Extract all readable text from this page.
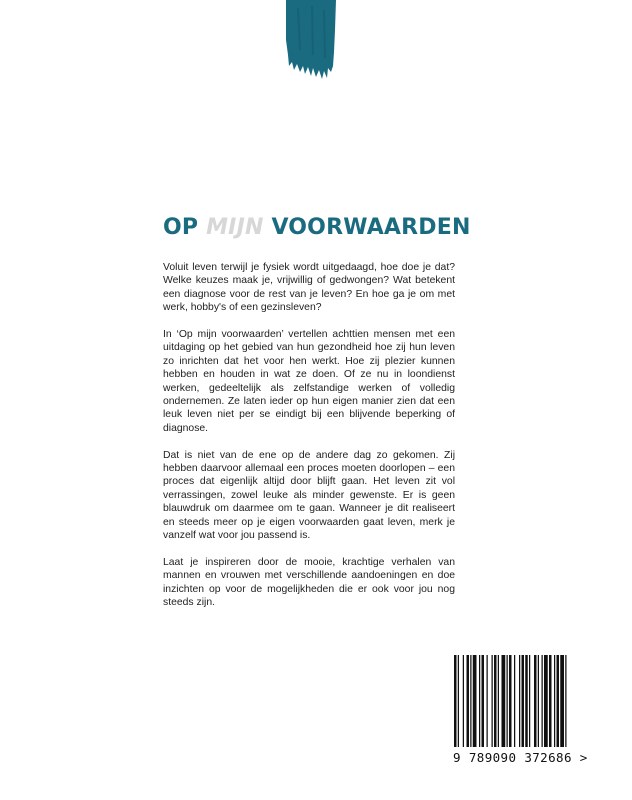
OP MIJN VOORWAARDEN

Voluit leven terwijl je fysiek wordt uitgedaagd, hoe doe je dat? Welke keuzes maak je, vrijwillig of gedwongen? Wat betekent een diagnose voor de rest van je leven? En hoe ga je om met werk, hobby's of een gezinsleven?

In ‘Op mijn voorwaarden’ vertellen achttien mensen met een uitdaging op het gebied van hun gezondheid hoe zij hun leven zo inrichten dat het voor hen werkt. Hoe zij plezier kunnen hebben en houden in wat ze doen. Of ze nu in loondienst werken, gedeeltelijk als zelfstandige werken of volledig ondernemen. Ze laten ieder op hun eigen manier zien dat een leuk leven niet per se eindigt bij een blijvende beperking of diagnose.

Dat is niet van de ene op de andere dag zo gekomen. Zij hebben daarvoor allemaal een proces moeten doorlopen – een proces dat eigenlijk altijd door blijft gaan. Het leven zit vol verrassingen, zowel leuke als minder gewenste. Er is geen blauwdruk om daarmee om te gaan. Wanneer je dit realiseert en steeds meer op je eigen voorwaarden gaat leven, merk je vanzelf wat voor jou passend is.

Laat je inspireren door de mooie, krachtige verhalen van mannen en vrouwen met verschillende aandoeningen en doe inzichten op voor de mogelijkheden die er ook voor jou nog steeds zijn.

9 789090 372686 >
